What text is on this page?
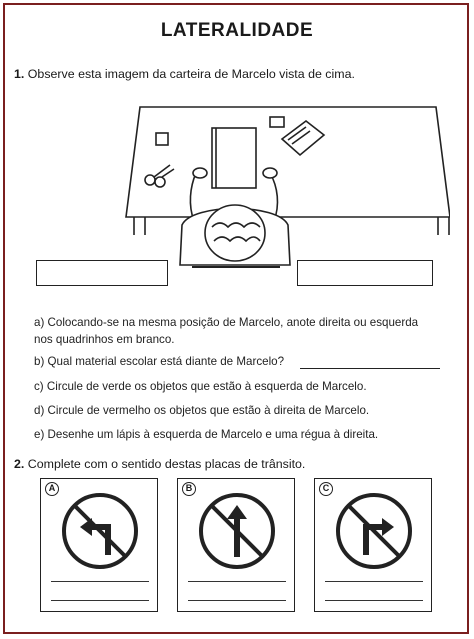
LATERALIDADE
1. Observe esta imagem da carteira de Marcelo vista de cima.
a) Colocando-se na mesma posição de Marcelo, anote direita ou esquerda
nos quadrinhos em branco.
b) Qual material escolar está diante de Marcelo?
c) Circule de verde os objetos que estão à esquerda de Marcelo.
d) Circule de vermelho os objetos que estão à direita de Marcelo.
e) Desenhe um lápis à esquerda de Marcelo e uma régua à direita.
2. Complete com o sentido destas placas de trânsito.
A	B	C
